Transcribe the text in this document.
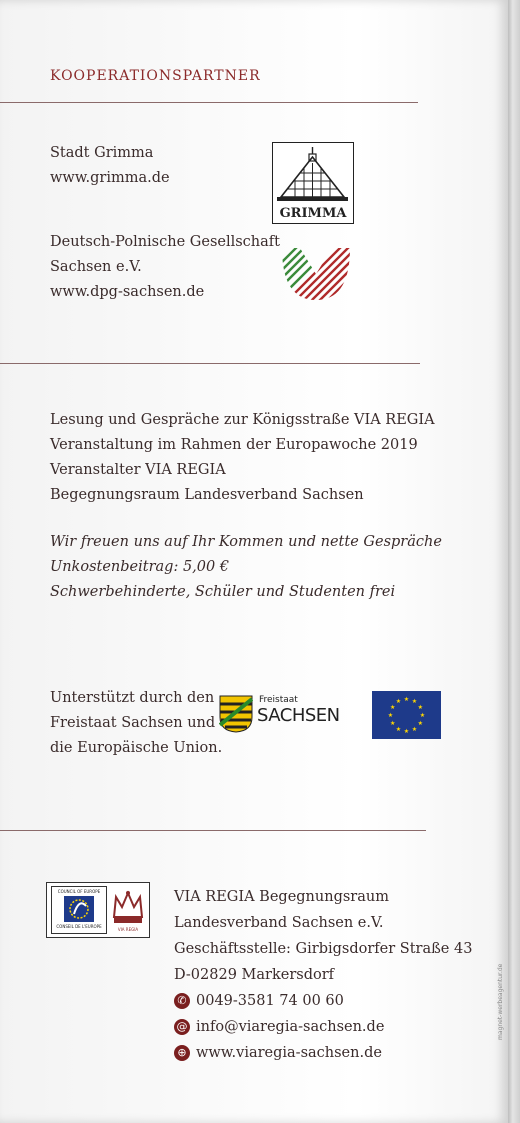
KOOPERATIONSPARTNER
Stadt Grimma
www.grimma.de
GRIMMA
Deutsch-Polnische Gesellschaft
Sachsen e.V.
www.dpg-sachsen.de
Lesung und Gespräche zur Königsstraße VIA REGIA
Veranstaltung im Rahmen der Europawoche 2019
Veranstalter VIA REGIA
Begegnungsraum Landesverband Sachsen
Wir freuen uns auf Ihr Kommen und nette Gespräche
Unkostenbeitrag: 5,00 €
Schwerbehinderte, Schüler und Studenten frei
Unterstützt durch den
Freistaat Sachsen und
die Europäische Union.
Freistaat
SACHSEN
★ ★
★
★
★
★
★
★
★
★
★
★
COUNCIL OF EUROPE
CONSEIL DE L'EUROPE
VIA REGIA
VIA REGIA Begegnungsraum
Landesverband Sachsen e.V.
Geschäftsstelle: Girbigsdorfer Straße 43
D-02829 Markersdorf
✆ 0049-3581 74 00 60
@ info@viaregia-sachsen.de
⊕ www.viaregia-sachsen.de
magnet-werbeagentur.de
